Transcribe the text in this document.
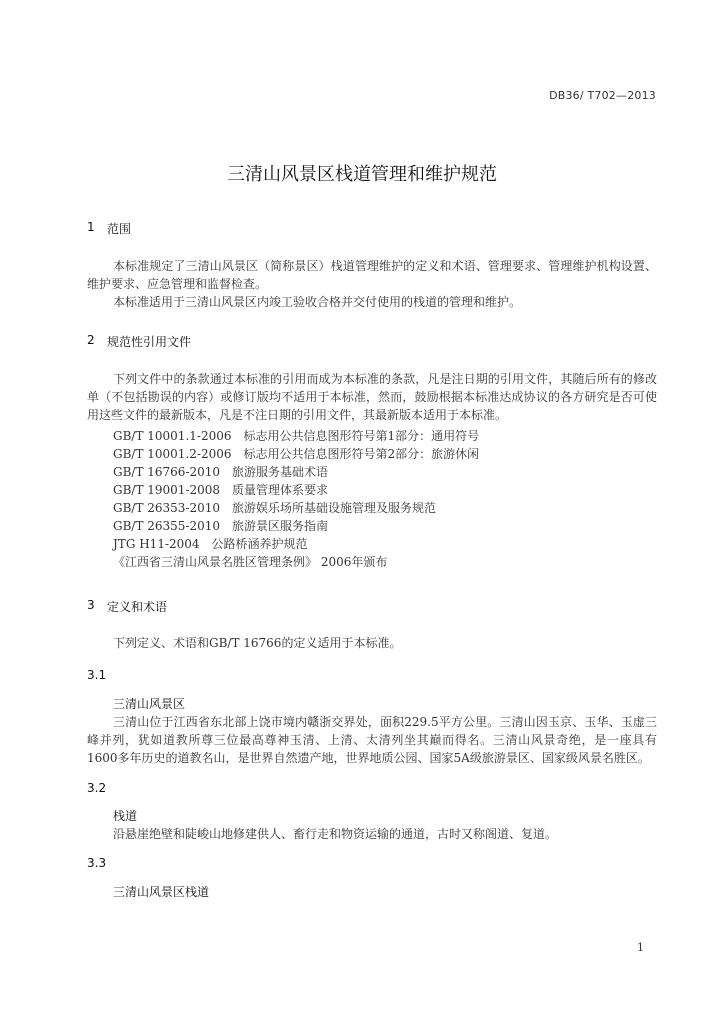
DB36/ T702—2013
三清山风景区栈道管理和维护规范
1 范围
本标准规定了三清山风景区（简称景区）栈道管理维护的定义和术语、管理要求、管理维护机构设置、维护要求、应急管理和监督检查。
本标准适用于三清山风景区内竣工验收合格并交付使用的栈道的管理和维护。
2 规范性引用文件
下列文件中的条款通过本标准的引用而成为本标准的条款，凡是注日期的引用文件，其随后所有的修改单（不包括勘误的内容）或修订版均不适用于本标准，然而，鼓励根据本标准达成协议的各方研究是否可使用这些文件的最新版本，凡是不注日期的引用文件，其最新版本适用于本标准。
GB/T 10001.1-2006　标志用公共信息图形符号第1部分：通用符号
GB/T 10001.2-2006　标志用公共信息图形符号第2部分：旅游休闲
GB/T 16766-2010　旅游服务基础术语
GB/T 19001-2008　质量管理体系要求
GB/T 26353-2010　旅游娱乐场所基础设施管理及服务规范
GB/T 26355-2010　旅游景区服务指南
JTG H11-2004　公路桥涵养护规范
《江西省三清山风景名胜区管理条例》 2006年颁布
3 定义和术语
下列定义、术语和GB/T 16766的定义适用于本标准。
3.1
三清山风景区
三清山位于江西省东北部上饶市境内赣浙交界处，面积229.5平方公里。三清山因玉京、玉华、玉虚三峰并列，犹如道教所尊三位最高尊神玉清、上清、太清列坐其巅而得名。三清山风景奇绝，是一座具有1600多年历史的道教名山，是世界自然遗产地，世界地质公园、国家5A级旅游景区、国家级风景名胜区。
3.2
栈道
沿悬崖绝壁和陡峻山地修建供人、畜行走和物资运输的通道，古时又称阁道、复道。
3.3
三清山风景区栈道
1
